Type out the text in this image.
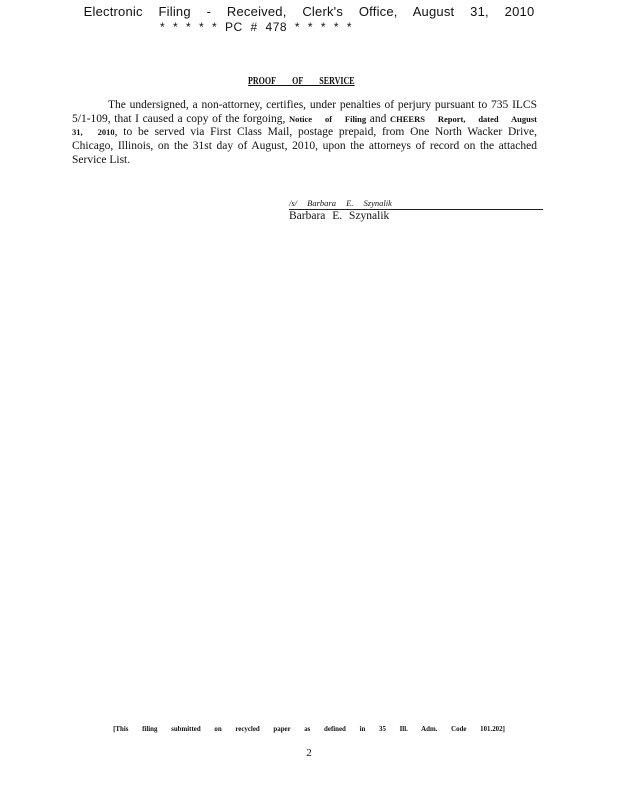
Electronic Filing - Received, Clerk's Office, August 31, 2010
* * * * * PC # 478 * * * * *
PROOF OF SERVICE
The undersigned, a non-attorney, certifies, under penalties of perjury pursuant to 735 ILCS 5/1-109, that I caused a copy of the forgoing, Notice of Filing and CHEERS Report, dated August 31, 2010, to be served via First Class Mail, postage prepaid, from One North Wacker Drive, Chicago, Illinois, on the 31st day of August, 2010, upon the attorneys of record on the attached Service List.
/s/ Barbara E. Szynalik
Barbara E. Szynalik
[This filing submitted on recycled paper as defined in 35 Ill. Adm. Code 101.202]
2
